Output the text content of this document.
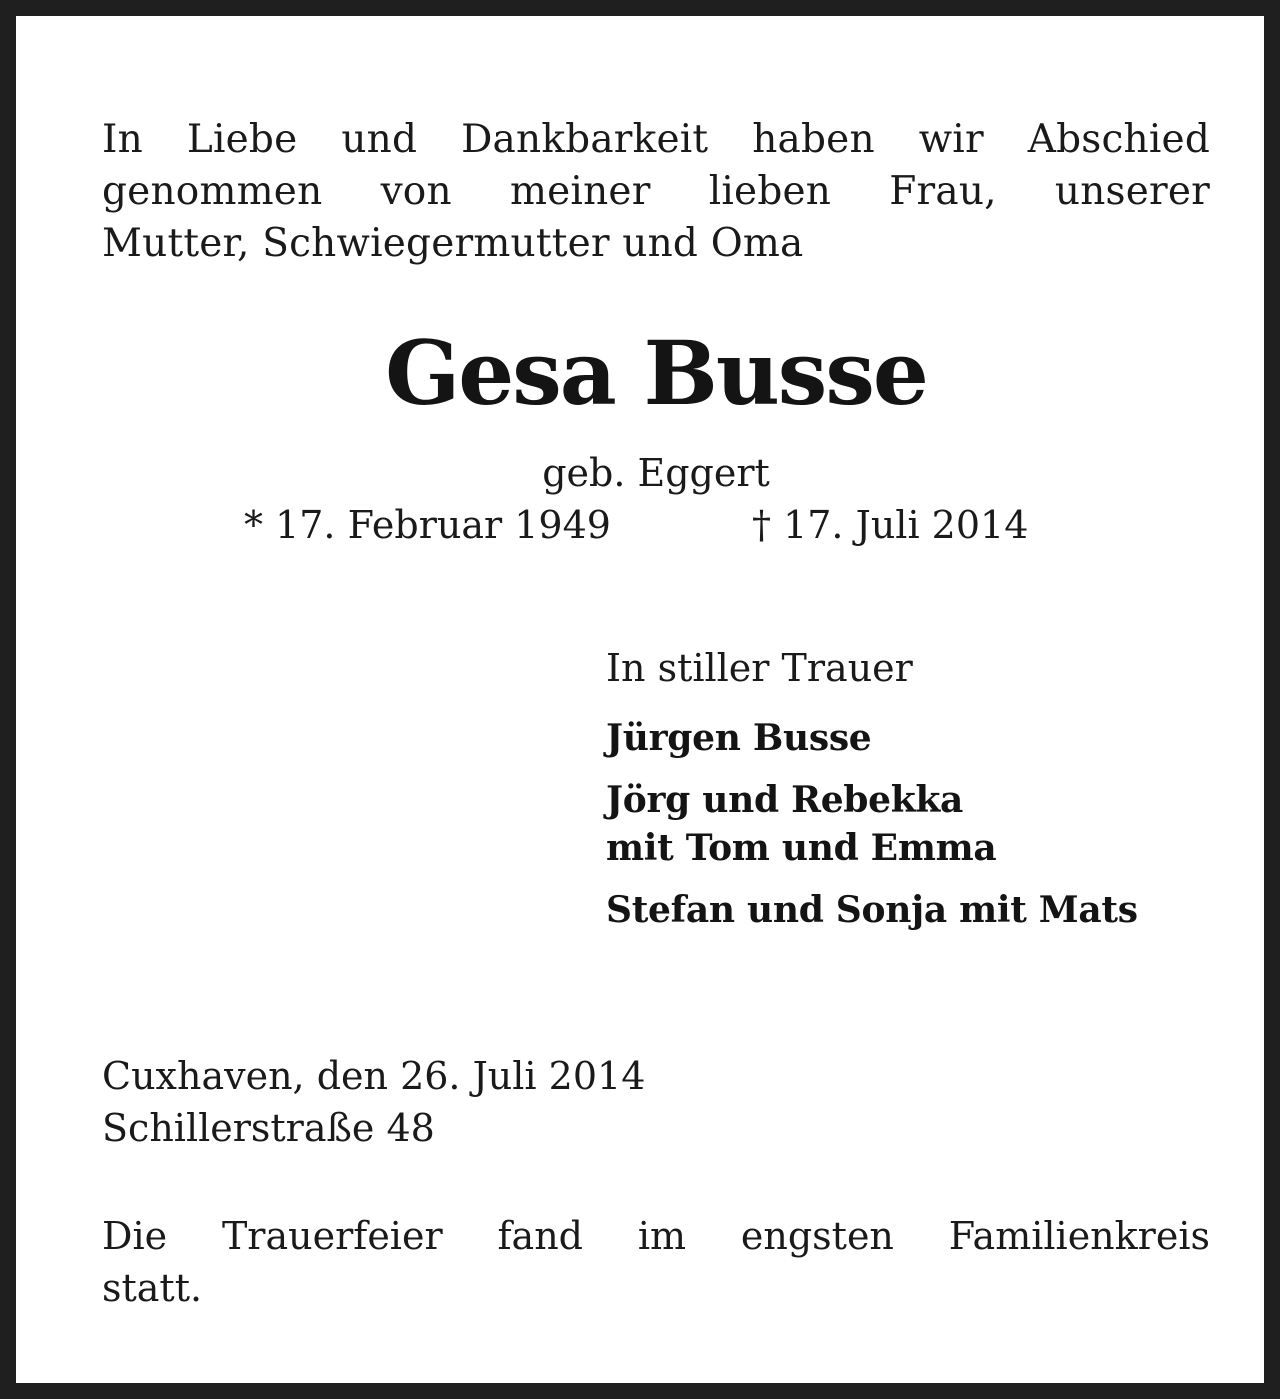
In Liebe und Dankbarkeit haben wir Abschied
genommen von meiner lieben Frau, unserer
Mutter, Schwiegermutter und Oma

Gesa Busse

geb. Eggert

* 17. Februar 1949	† 17. Juli 2014

In stiller Trauer

Jürgen Busse

Jörg und Rebekka
mit Tom und Emma

Stefan und Sonja mit Mats

Cuxhaven, den 26. Juli 2014
Schillerstraße 48

Die Trauerfeier fand im engsten Familienkreis
statt.
